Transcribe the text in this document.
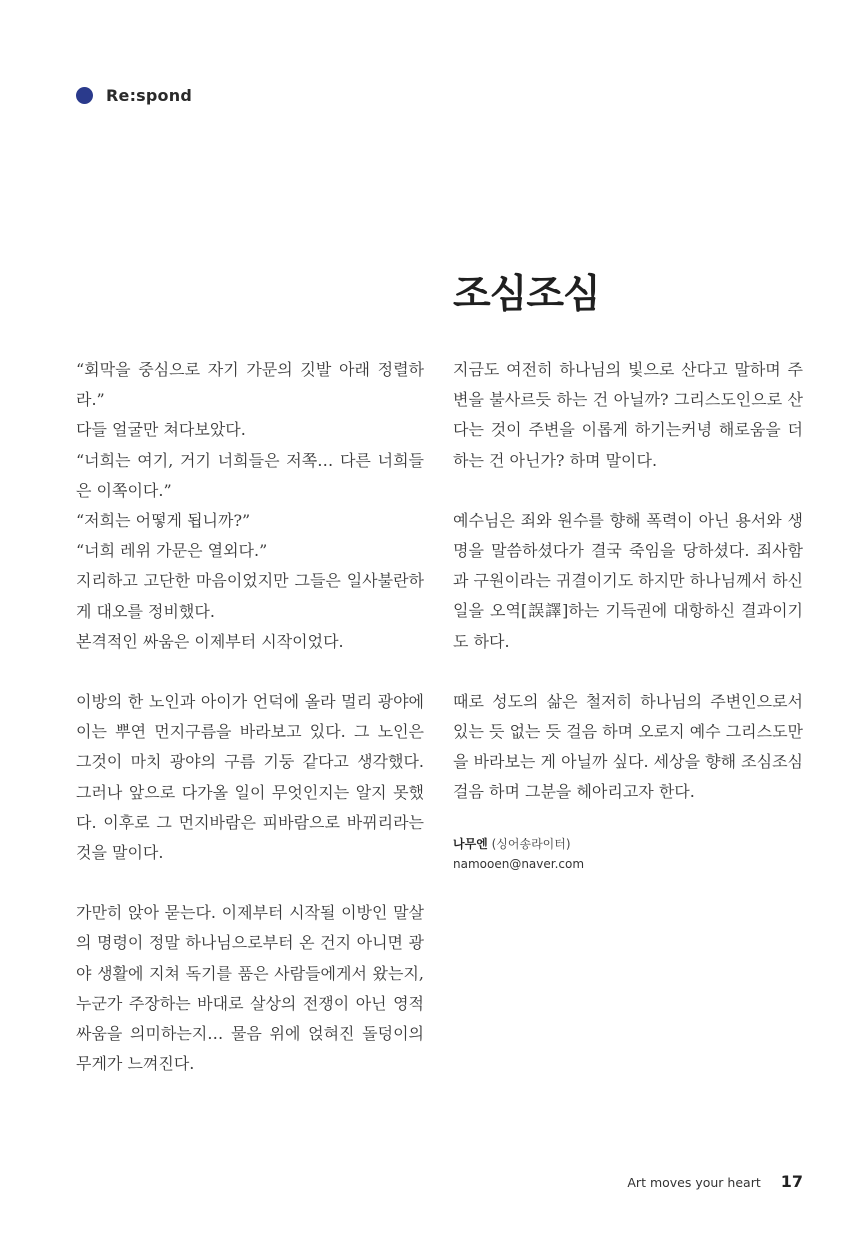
Re:spond
조심조심

“회막을 중심으로 자기 가문의 깃발 아래 정렬하라.”

다들 얼굴만 쳐다보았다.

“너희는 여기, 거기 너희들은 저쪽… 다른 너희들은 이쪽이다.”

“저희는 어떻게 됩니까?”

“너희 레위 가문은 열외다.”

지리하고 고단한 마음이었지만 그들은 일사불란하게 대오를 정비했다.

본격적인 싸움은 이제부터 시작이었다.

이방의 한 노인과 아이가 언덕에 올라 멀리 광야에 이는 뿌연 먼지구름을 바라보고 있다. 그 노인은 그것이 마치 광야의 구름 기둥 같다고 생각했다. 그러나 앞으로 다가올 일이 무엇인지는 알지 못했다. 이후로 그 먼지바람은 피바람으로 바뀌리라는 것을 말이다.

가만히 앉아 묻는다. 이제부터 시작될 이방인 말살의 명령이 정말 하나님으로부터 온 건지 아니면 광야 생활에 지쳐 독기를 품은 사람들에게서 왔는지, 누군가 주장하는 바대로 살상의 전쟁이 아닌 영적 싸움을 의미하는지… 물음 위에 얹혀진 돌덩이의 무게가 느껴진다.

지금도 여전히 하나님의 빛으로 산다고 말하며 주변을 불사르듯 하는 건 아닐까? 그리스도인으로 산다는 것이 주변을 이롭게 하기는커녕 해로움을 더하는 건 아닌가? 하며 말이다.

예수님은 죄와 원수를 향해 폭력이 아닌 용서와 생명을 말씀하셨다가 결국 죽임을 당하셨다. 죄사함과 구원이라는 귀결이기도 하지만 하나님께서 하신 일을 오역[誤譯]하는 기득권에 대항하신 결과이기도 하다.

때로 성도의 삶은 철저히 하나님의 주변인으로서 있는 듯 없는 듯 걸음 하며 오로지 예수 그리스도만을 바라보는 게 아닐까 싶다. 세상을 향해 조심조심 걸음 하며 그분을 헤아리고자 한다.

나무엔 (싱어송라이터)
namooen@naver.com
Art moves your heart 17
